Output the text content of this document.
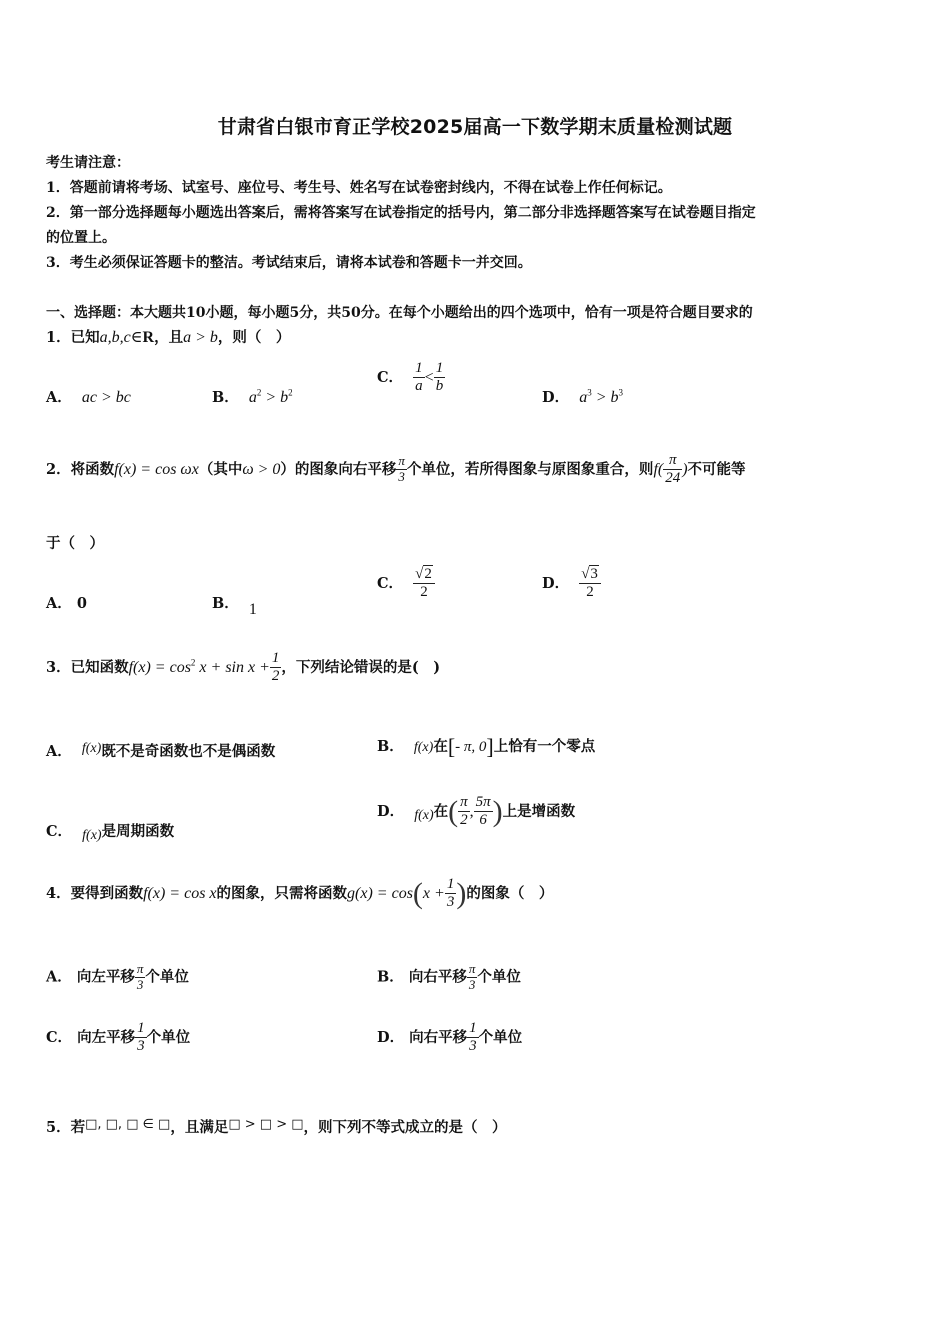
甘肃省白银市育正学校2025届高一下数学期末质量检测试题
考生请注意：
1．答题前请将考场、试室号、座位号、考生号、姓名写在试卷密封线内，不得在试卷上作任何标记。
2．第一部分选择题每小题选出答案后，需将答案写在试卷指定的括号内，第二部分非选择题答案写在试卷题目指定
的位置上。
3．考生必须保证答题卡的整洁。考试结束后，请将本试卷和答题卡一并交回。
一、选择题：本大题共10小题，每小题5分，共50分。在每个小题给出的四个选项中，恰有一项是符合题目要求的
1．已知a,b,c∈R，且a > b，则（　）
A． ac > bc	B． $a^2 > b^2$
C． $\frac{1}{a} < \frac{1}{b}$
D． $a^3 > b^3$
2．将函数f(x) = cos ωx（其中ω > 0）的图象向右平移 $\frac{\pi}{3}$ 个单位，若所得图象与原图象重合，则$f( \frac{\pi}{24}$ )不可能等
于（　）
A． 0	B． 1
C． $\frac{√2}{2}$	D． $\frac{√3}{2}$
3．已知函数$f(x) = \cos^2 x + \sin x + \frac{1}{2}$ ，下列结论错误的是(　)
A． f(x)既不是奇函数也不是偶函数	B． f(x)在[- π, 0]上恰有一个零点
C． f(x)是周期函数
D． f(x)在( $\frac{\pi}{2}$ , $\frac{5\pi}{6}$ )上是增函数
4．要得到函数f(x) = cos x的图象，只需将函数$g(x) = \cos(x + \frac{1}{3}$ )的图象（　）
A． 向左平移 $\frac{\pi}{3}$ 个单位	B． 向右平移 $\frac{\pi}{3}$ 个单位
C． 向左平移 $\frac{1}{3}$ 个单位	D． 向右平移 $\frac{1}{3}$ 个单位
5．若□, □, □ ∈ □，且满足□ > □ > □，则下列不等式成立的是（　）
